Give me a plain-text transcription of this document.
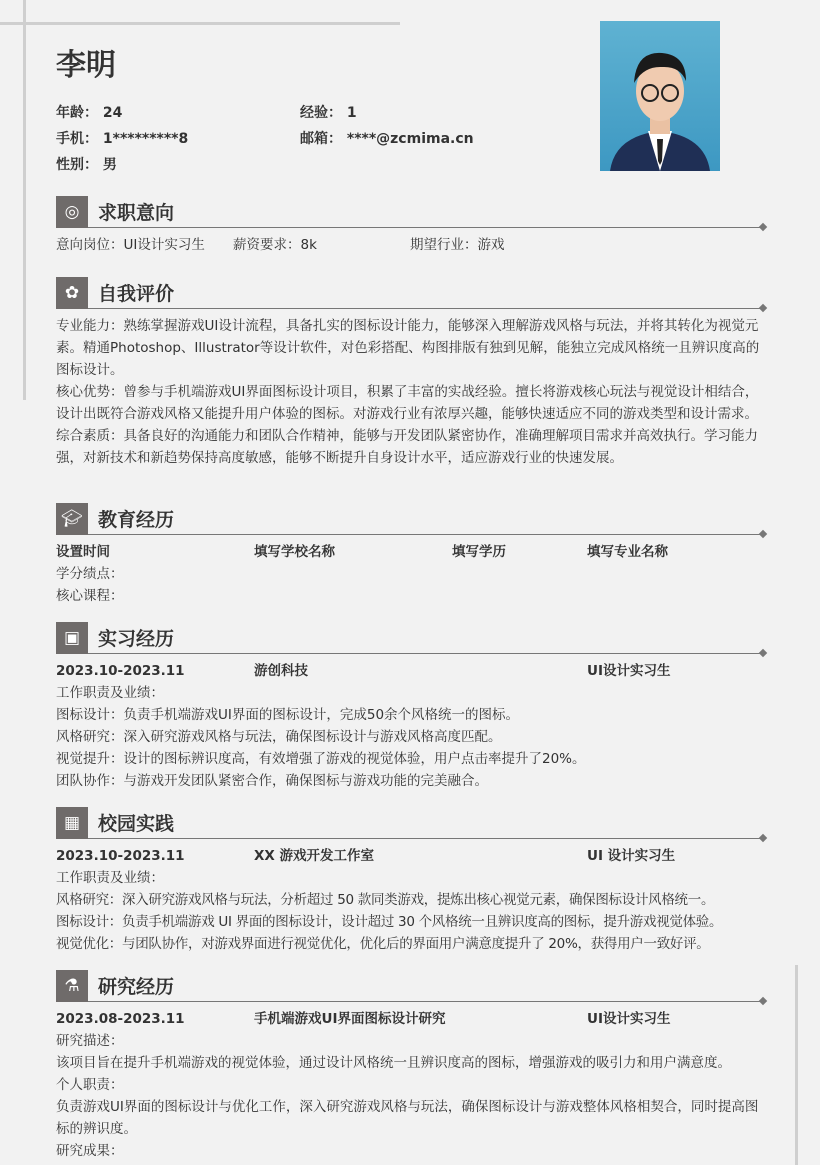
李明
年龄： 24	经验： 1
手机： 1*********8	邮箱： ****@zcmima.cn
性别： 男
◎ 求职意向
意向岗位：UI设计实习生	薪资要求：8k	期望行业：游戏
✿ 自我评价

专业能力：熟练掌握游戏UI设计流程，具备扎实的图标设计能力，能够深入理解游戏风格与玩法，并将其转化为视觉元素。精通Photoshop、Illustrator等设计软件，对色彩搭配、构图排版有独到见解，能独立完成风格统一且辨识度高的图标设计。

核心优势：曾参与手机端游戏UI界面图标设计项目，积累了丰富的实战经验。擅长将游戏核心玩法与视觉设计相结合，设计出既符合游戏风格又能提升用户体验的图标。对游戏行业有浓厚兴趣，能够快速适应不同的游戏类型和设计需求。

综合素质：具备良好的沟通能力和团队合作精神，能够与开发团队紧密协作，准确理解项目需求并高效执行。学习能力强，对新技术和新趋势保持高度敏感，能够不断提升自身设计水平，适应游戏行业的快速发展。

🎓︎ 教育经历
设置时间	填写学校名称	填写学历	填写专业名称

学分绩点：

核心课程：

▣ 实习经历
2023.10-2023.11	游创科技	UI设计实习生

工作职责及业绩：

图标设计：负责手机端游戏UI界面的图标设计，完成50余个风格统一的图标。

风格研究：深入研究游戏风格与玩法，确保图标设计与游戏风格高度匹配。

视觉提升：设计的图标辨识度高，有效增强了游戏的视觉体验，用户点击率提升了20%。

团队协作：与游戏开发团队紧密合作，确保图标与游戏功能的完美融合。

▦ 校园实践
2023.10-2023.11	XX 游戏开发工作室	UI 设计实习生

工作职责及业绩：

风格研究：深入研究游戏风格与玩法，分析超过 50 款同类游戏，提炼出核心视觉元素，确保图标设计风格统一。

图标设计：负责手机端游戏 UI 界面的图标设计，设计超过 30 个风格统一且辨识度高的图标，提升游戏视觉体验。

视觉优化：与团队协作，对游戏界面进行视觉优化，优化后的界面用户满意度提升了 20%，获得用户一致好评。

⚗ 研究经历
2023.08-2023.11	手机端游戏UI界面图标设计研究	UI设计实习生

研究描述：

该项目旨在提升手机端游戏的视觉体验，通过设计风格统一且辨识度高的图标，增强游戏的吸引力和用户满意度。

个人职责：

负责游戏UI界面的图标设计与优化工作，深入研究游戏风格与玩法，确保图标设计与游戏整体风格相契合，同时提高图标的辨识度。

研究成果：
